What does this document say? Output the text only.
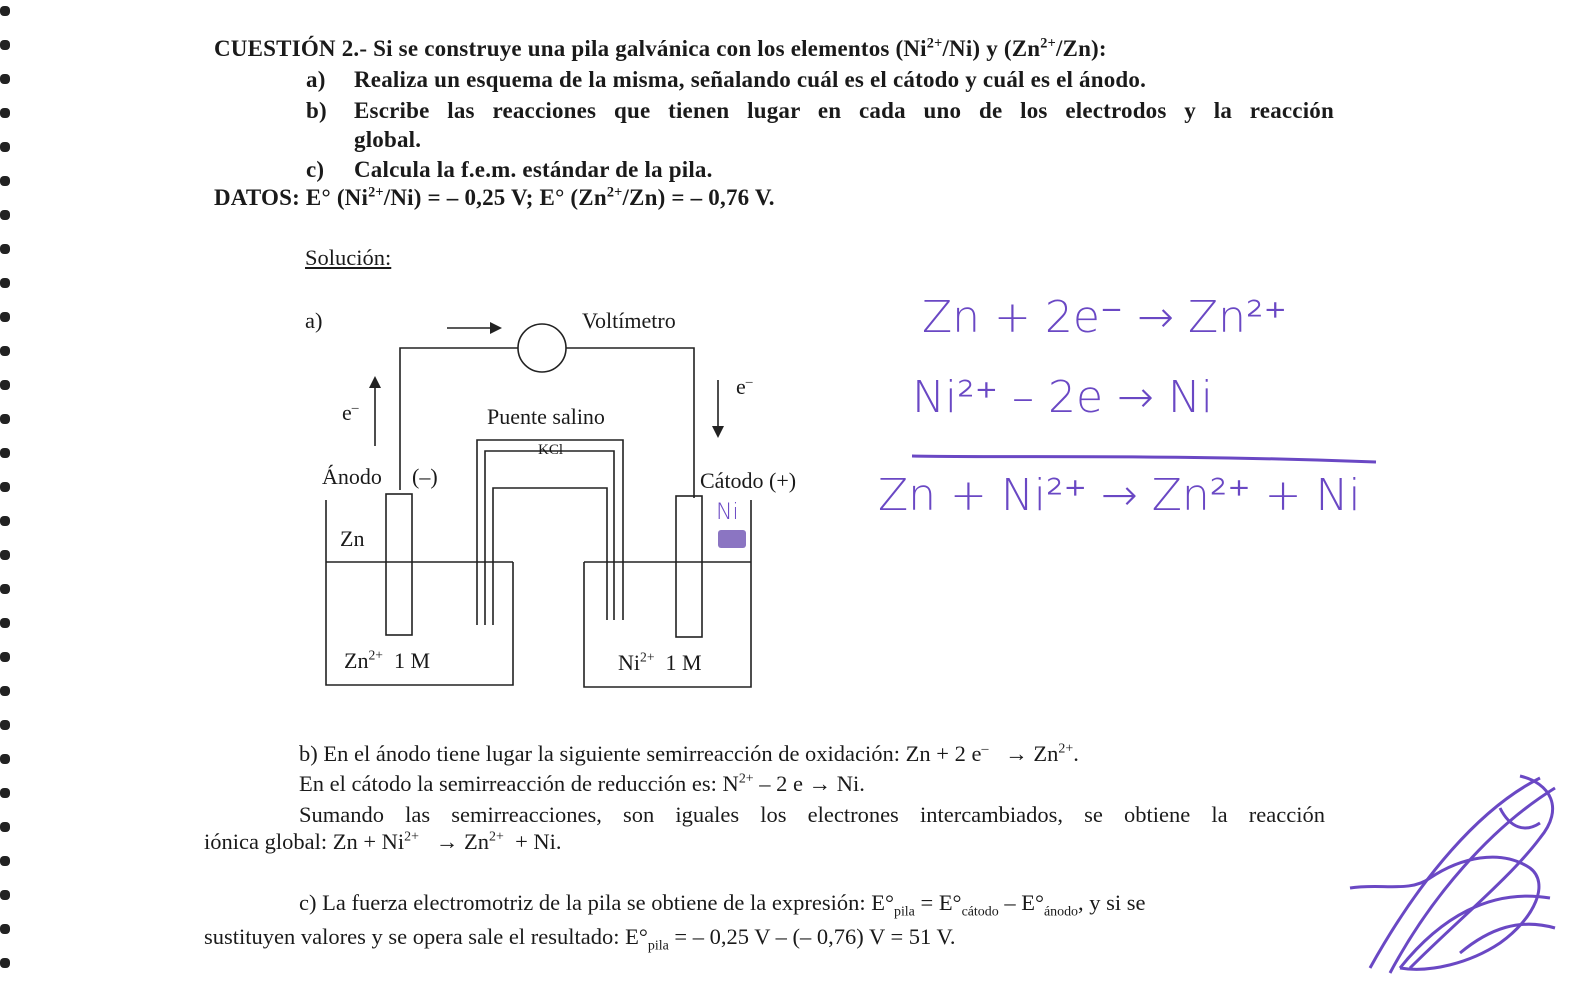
CUESTIÓN 2.- Si se construye una pila galvánica con los elementos $(Ni^{2+}/Ni)$ y $(Zn^{2+}/Zn)$:
a) Realiza un esquema de la misma, señalando cuál es el cátodo y cuál es el ánodo.
b) Escribe las reacciones que tienen lugar en cada uno de los electrodos y la reacción
global.
c) Calcula la f.e.m. estándar de la pila.
DATOS: E° $(Ni^{2+}/Ni)$ = – 0,25 V; E° $(Zn^{2+}/Zn)$ = – 0,76 V.
Solución:
a)	Voltímetro
e–
e–
Puente salino
KCl
Ánodo (–)	Cátodo (+)
Zn
$Zn^{2+}$ 1 M	$Ni^{2+}$ 1 M
Ni
Zn + 2e⁻ → Zn²⁺
Ni²⁺ – 2e → Ni
Zn + Ni²⁺ → Zn²⁺ + Ni
b) En el ánodo tiene lugar la siguiente semirreacción de oxidación: Zn + 2 $e^- \to Zn^{2+}$.
En el cátodo la semirreacción de reducción es: $N^{2+} - 2$ e → Ni.
Sumando las semirreacciones, son iguales los electrones intercambiados, se obtiene la reacción
iónica global: $Zn + Ni^{2+} \to Zn^{2+} + Ni$.
c) La fuerza electromotriz de la pila se obtiene de la expresión: $E^\circ_{pila} = E^\circ_{cátodo} - E^\circ_{ánodo}$, y si se
sustituyen valores y se opera sale el resultado: $E^\circ_{pila}$ = – 0,25 V – (– 0,76) V = 51 V.
